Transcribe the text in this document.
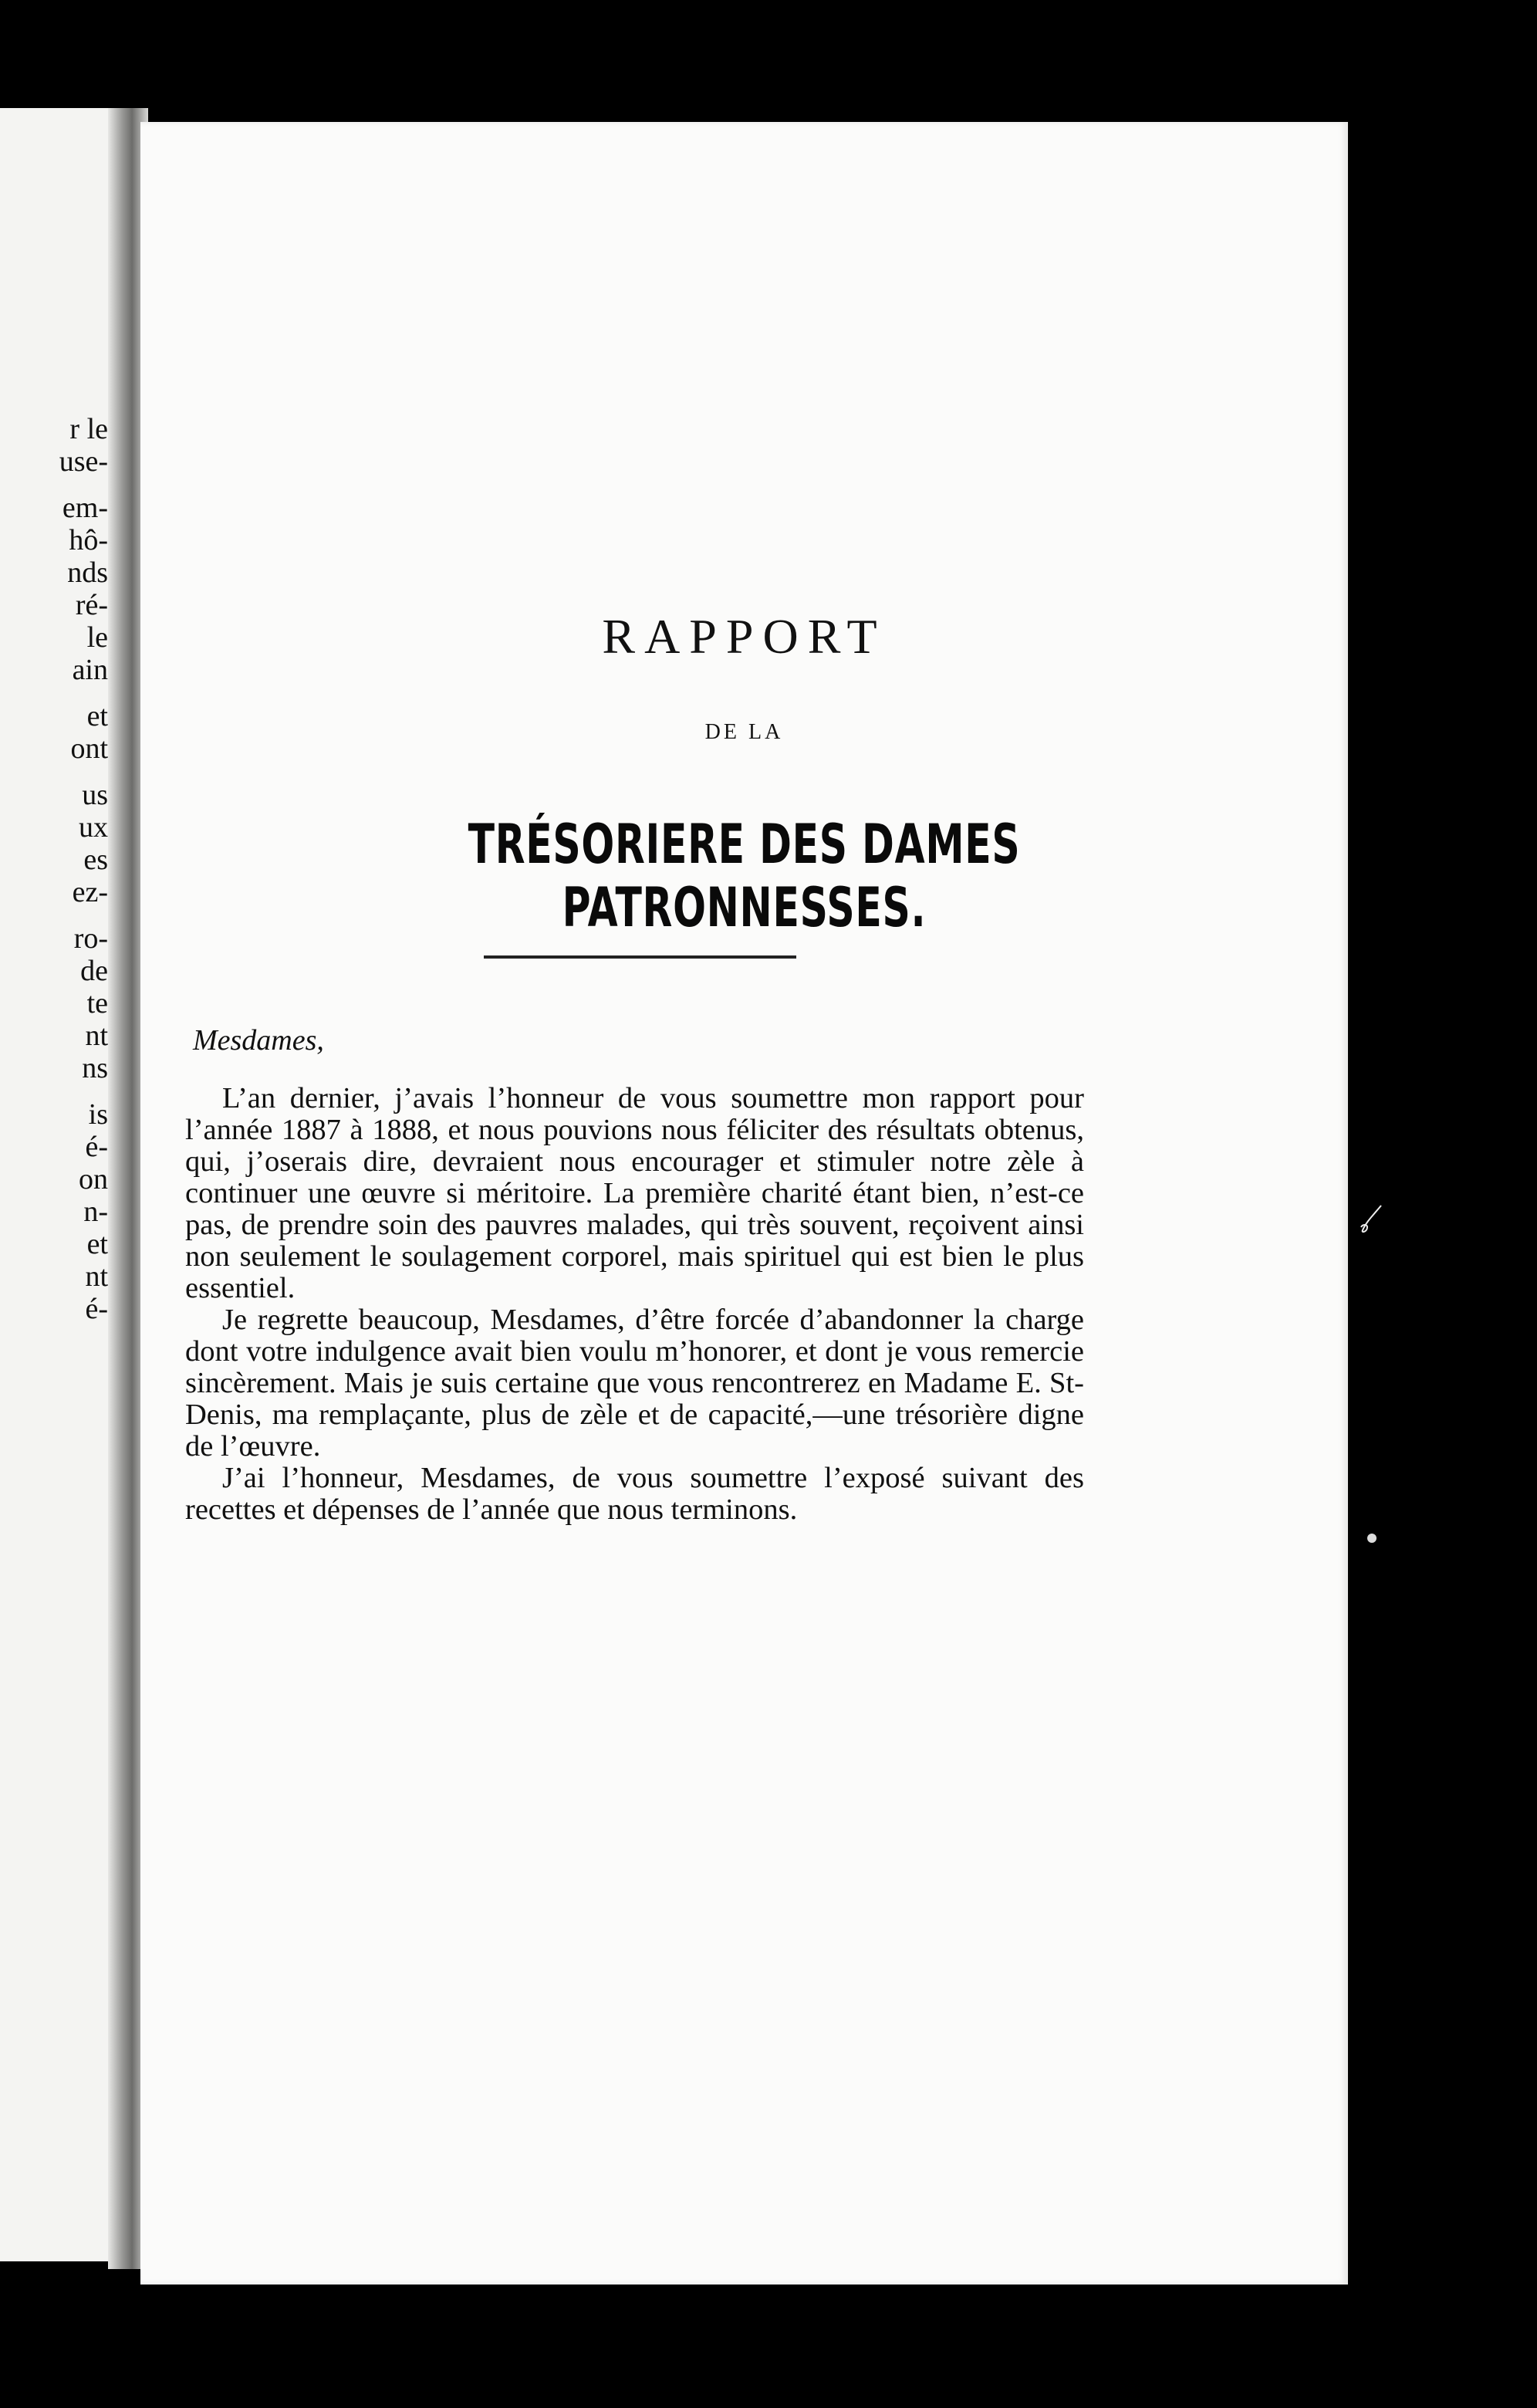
r le
use-
em-
hô-
nds
ré-
le
ain
et
ont
us
ux
es
ez-
ro-
de
te
nt
ns
is
é-
on
n-
et
nt
é-
RAPPORT
DE LA
TRÉSORIERE DES DAMES PATRONNESSES.
Mesdames,

L’an dernier, j’avais l’honneur de vous soumettre mon rapport pour l’année 1887 à 1888, et nous pouvions nous féliciter des résultats obtenus, qui, j’oserais dire, devraient nous encourager et stimuler notre zèle à continuer une œuvre si méritoire. La première charité étant bien, n’est-ce pas, de prendre soin des pauvres malades, qui très souvent, reçoivent ainsi non seulement le soulagement corporel, mais spirituel qui est bien le plus essentiel.

Je regrette beaucoup, Mesdames, d’être forcée d’abandonner la charge dont votre indulgence avait bien voulu m’honorer, et dont je vous remercie sincèrement. Mais je suis certaine que vous rencontrerez en Madame E. St-Denis, ma remplaçante, plus de zèle et de capacité,—une trésorière digne de l’œuvre.

J’ai l’honneur, Mesdames, de vous soumettre l’exposé suivant des recettes et dépenses de l’année que nous terminons.
